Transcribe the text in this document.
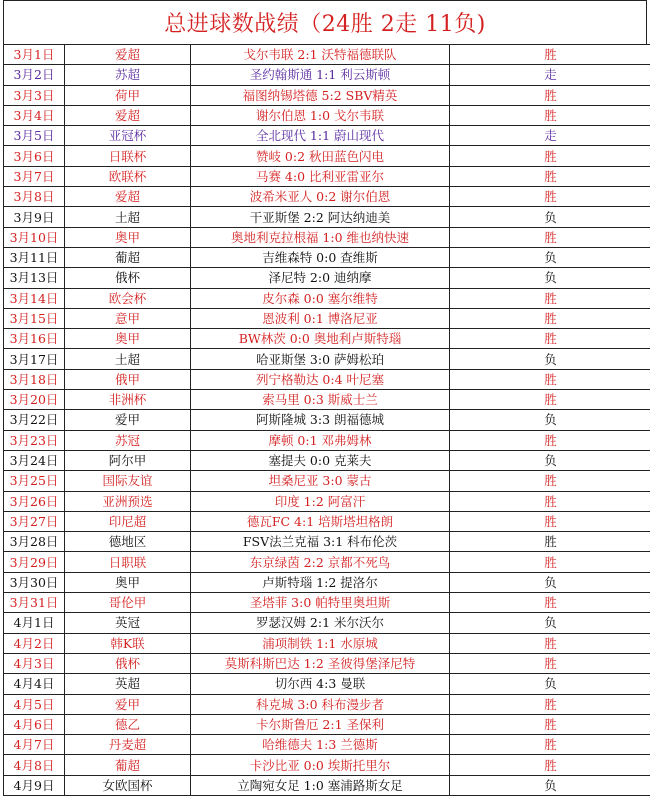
总进球数战绩（24胜 2走 11负)
3月1日	爱超	戈尔韦联 2:1 沃特福德联队	胜
3月2日	苏超	圣约翰斯通 1:1 利云斯顿	走
3月3日	荷甲	福图纳锡塔德 5:2 SBV精英	胜
3月4日	爱超	谢尔伯恩 1:0 戈尔韦联	胜
3月5日	亚冠杯	全北现代 1:1 蔚山现代	走
3月6日	日联杯	赞岐 0:2 秋田蓝色闪电	胜
3月7日	欧联杯	马赛 4:0 比利亚雷亚尔	胜
3月8日	爱超	波希米亚人 0:2 谢尔伯恩	胜
3月9日	土超	干亚斯堡 2:2 阿达纳迪美	负
3月10日	奥甲	奥地利克拉根福 1:0 维也纳快速	胜
3月11日	葡超	吉维森特 0:0 查维斯	负
3月13日	俄杯	泽尼特 2:0 迪纳摩	负
3月14日	欧会杯	皮尔森 0:0 塞尔维特	胜
3月15日	意甲	恩波利 0:1 博洛尼亚	胜
3月16日	奥甲	BW林茨 0:0 奥地利卢斯特瑙	胜
3月17日	土超	哈亚斯堡 3:0 萨姆松珀	负
3月18日	俄甲	列宁格勒达 0:4 叶尼塞	胜
3月20日	非洲杯	索马里 0:3 斯威士兰	胜
3月22日	爱甲	阿斯隆城 3:3 朗福德城	负
3月23日	苏冠	摩顿 0:1 邓弗姆林	胜
3月24日	阿尔甲	塞提夫 0:0 克莱夫	负
3月25日	国际友谊	坦桑尼亚 3:0 蒙古	胜
3月26日	亚洲预选	印度 1:2 阿富汗	胜
3月27日	印尼超	德瓦FC 4:1 培斯塔坦格朗	胜
3月28日	德地区	FSV法兰克福 3:1 科布伦茨	胜
3月29日	日职联	东京绿茵 2:2 京都不死鸟	胜
3月30日	奥甲	卢斯特瑙 1:2 提洛尔	负
3月31日	哥伦甲	圣塔菲 3:0 帕特里奥坦斯	胜
4月1日	英冠	罗瑟汉姆 2:1 米尔沃尔	负
4月2日	韩K联	浦项制铁 1:1 水原城	胜
4月3日	俄杯	莫斯科斯巴达 1:2 圣彼得堡泽尼特	胜
4月4日	英超	切尔西 4:3 曼联	负
4月5日	爱甲	科克城 3:0 科布漫步者	胜
4月6日	德乙	卡尔斯鲁厄 2:1 圣保利	胜
4月7日	丹麦超	哈维德夫 1:3 兰德斯	胜
4月8日	葡超	卡沙比亚 0:0 埃斯托里尔	胜
4月9日	女欧国杯	立陶宛女足 1:0 塞浦路斯女足	负
